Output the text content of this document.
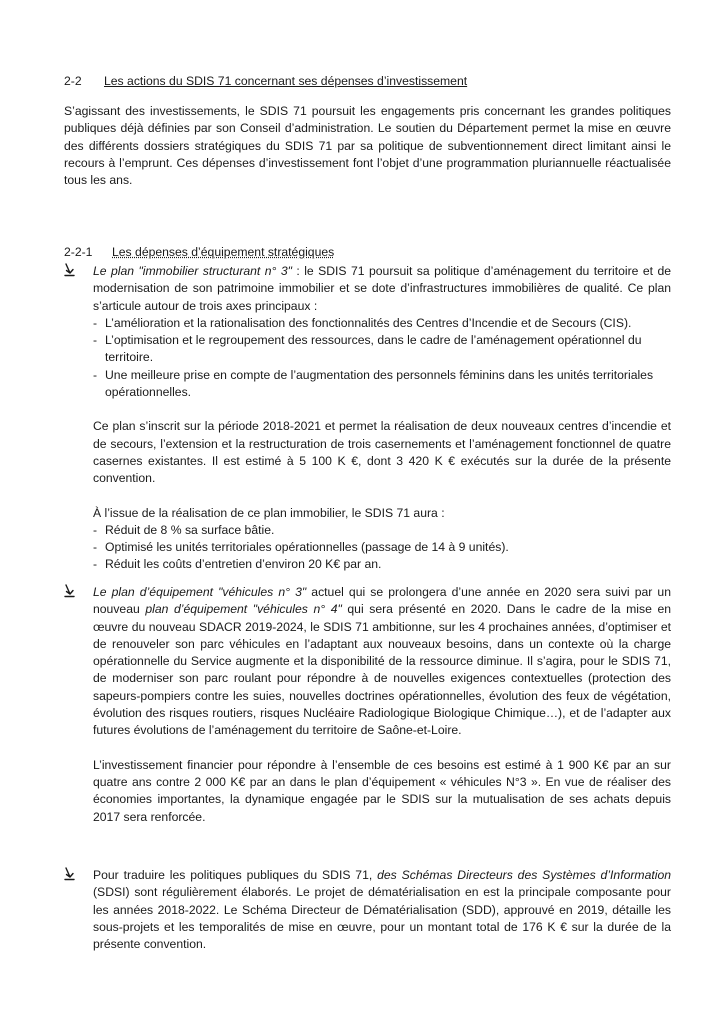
2-2 Les actions du SDIS 71 concernant ses dépenses d’investissement

S’agissant des investissements, le SDIS 71 poursuit les engagements pris concernant les grandes politiques publiques déjà définies par son Conseil d’administration. Le soutien du Département permet la mise en œuvre des différents dossiers stratégiques du SDIS 71 par sa politique de subventionnement direct limitant ainsi le recours à l’emprunt. Ces dépenses d’investissement font l’objet d’une programmation pluriannuelle réactualisée tous les ans.

2-2-1 Les dépenses d’équipement stratégiques

Le plan "immobilier structurant n° 3" : le SDIS 71 poursuit sa politique d’aménagement du territoire et de modernisation de son patrimoine immobilier et se dote d’infrastructures immobilières de qualité. Ce plan s’articule autour de trois axes principaux :

- L’amélioration et la rationalisation des fonctionnalités des Centres d’Incendie et de Secours (CIS).
- L’optimisation et le regroupement des ressources, dans le cadre de l’aménagement opérationnel du territoire.
- Une meilleure prise en compte de l’augmentation des personnels féminins dans les unités territoriales opérationnelles.

Ce plan s’inscrit sur la période 2018-2021 et permet la réalisation de deux nouveaux centres d’incendie et de secours, l’extension et la restructuration de trois casernements et l’aménagement fonctionnel de quatre casernes existantes. Il est estimé à 5 100 K €, dont 3 420 K € exécutés sur la durée de la présente convention.

À l’issue de la réalisation de ce plan immobilier, le SDIS 71 aura :

- Réduit de 8 % sa surface bâtie.
- Optimisé les unités territoriales opérationnelles (passage de 14 à 9 unités).
- Réduit les coûts d’entretien d’environ 20 K€ par an.

Le plan d’équipement "véhicules n° 3" actuel qui se prolongera d’une année en 2020 sera suivi par un nouveau plan d’équipement "véhicules n° 4" qui sera présenté en 2020. Dans le cadre de la mise en œuvre du nouveau SDACR 2019-2024, le SDIS 71 ambitionne, sur les 4 prochaines années, d’optimiser et de renouveler son parc véhicules en l’adaptant aux nouveaux besoins, dans un contexte où la charge opérationnelle du Service augmente et la disponibilité de la ressource diminue. Il s’agira, pour le SDIS 71, de moderniser son parc roulant pour répondre à de nouvelles exigences contextuelles (protection des sapeurs-pompiers contre les suies, nouvelles doctrines opérationnelles, évolution des feux de végétation, évolution des risques routiers, risques Nucléaire Radiologique Biologique Chimique…), et de l’adapter aux futures évolutions de l’aménagement du territoire de Saône-et-Loire.

L’investissement financier pour répondre à l’ensemble de ces besoins est estimé à 1 900 K€ par an sur quatre ans contre 2 000 K€ par an dans le plan d’équipement « véhicules N°3 ». En vue de réaliser des économies importantes, la dynamique engagée par le SDIS sur la mutualisation de ses achats depuis 2017 sera renforcée.

Pour traduire les politiques publiques du SDIS 71, des Schémas Directeurs des Systèmes d’Information (SDSI) sont régulièrement élaborés. Le projet de dématérialisation en est la principale composante pour les années 2018-2022. Le Schéma Directeur de Dématérialisation (SDD), approuvé en 2019, détaille les sous-projets et les temporalités de mise en œuvre, pour un montant total de 176 K € sur la durée de la présente convention.
